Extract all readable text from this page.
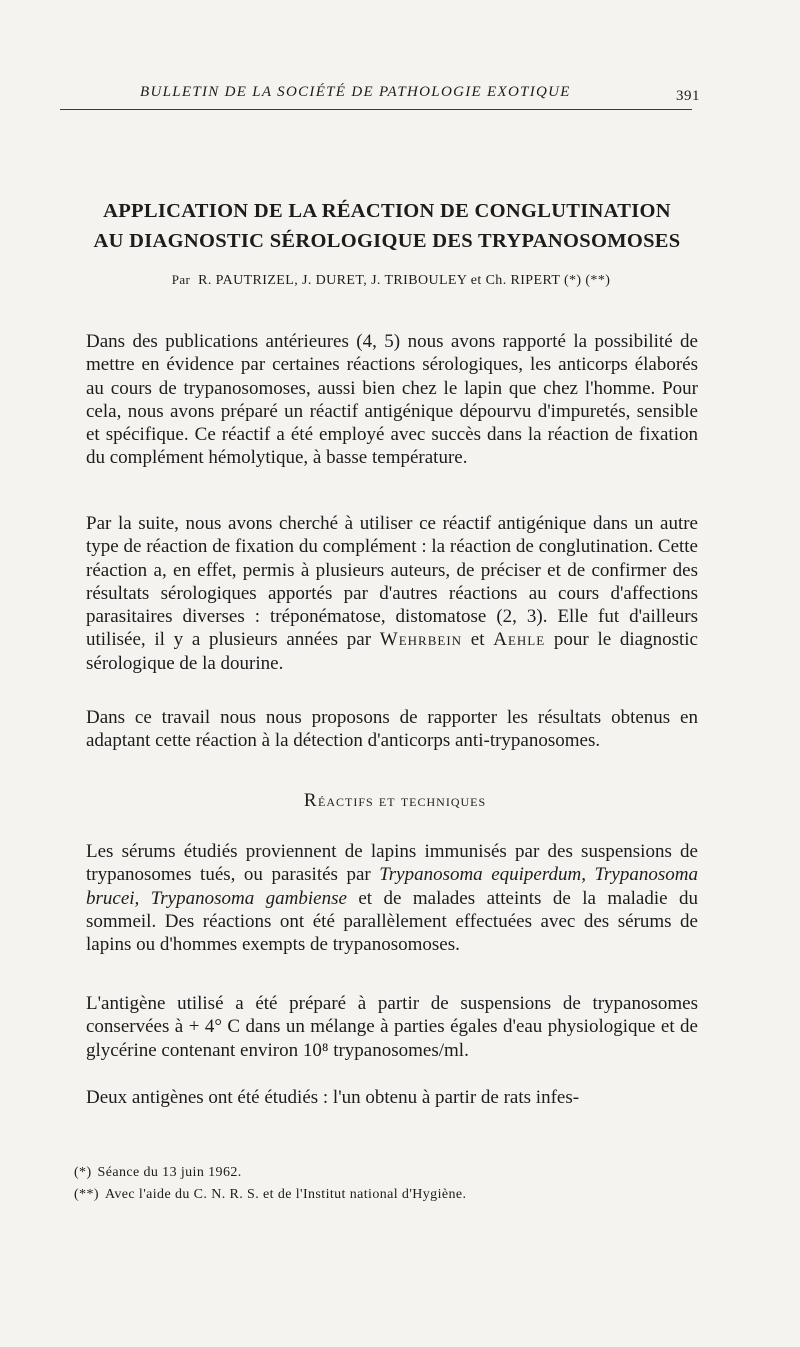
BULLETIN DE LA SOCIÉTÉ DE PATHOLOGIE EXOTIQUE	391
APPLICATION DE LA RÉACTION DE CONGLUTINATION
AU DIAGNOSTIC SÉROLOGIQUE DES TRYPANOSOMOSES
Par R. PAUTRIZEL, J. DURET, J. TRIBOULEY et Ch. RIPERT (*) (**)

Dans des publications antérieures (4, 5) nous avons rapporté la possibilité de mettre en évidence par certaines réactions sérologiques, les anticorps élaborés au cours de trypanosomoses, aussi bien chez le lapin que chez l'homme. Pour cela, nous avons préparé un réactif antigénique dépourvu d'impuretés, sensible et spécifique. Ce réactif a été employé avec succès dans la réaction de fixation du complément hémolytique, à basse température.

Par la suite, nous avons cherché à utiliser ce réactif antigénique dans un autre type de réaction de fixation du complément : la réaction de conglutination. Cette réaction a, en effet, permis à plusieurs auteurs, de préciser et de confirmer des résultats sérologiques apportés par d'autres réactions au cours d'affections parasitaires diverses : tréponématose, distomatose (2, 3). Elle fut d'ailleurs utilisée, il y a plusieurs années par Wehrbein et Aehle pour le diagnostic sérologique de la dourine.

Dans ce travail nous nous proposons de rapporter les résultats obtenus en adaptant cette réaction à la détection d'anticorps anti-trypanosomes.

Réactifs et techniques

Les sérums étudiés proviennent de lapins immunisés par des suspensions de trypanosomes tués, ou parasités par Trypanosoma equiperdum, Trypanosoma brucei, Trypanosoma gambiense et de malades atteints de la maladie du sommeil. Des réactions ont été parallèlement effectuées avec des sérums de lapins ou d'hommes exempts de trypanosomoses.

L'antigène utilisé a été préparé à partir de suspensions de trypanosomes conservées à + 4° C dans un mélange à parties égales d'eau physiologique et de glycérine contenant environ 10⁸ trypanosomes/ml.

Deux antigènes ont été étudiés : l'un obtenu à partir de rats infes-

(*) Séance du 13 juin 1962.
(**) Avec l'aide du C. N. R. S. et de l'Institut national d'Hygiène.
